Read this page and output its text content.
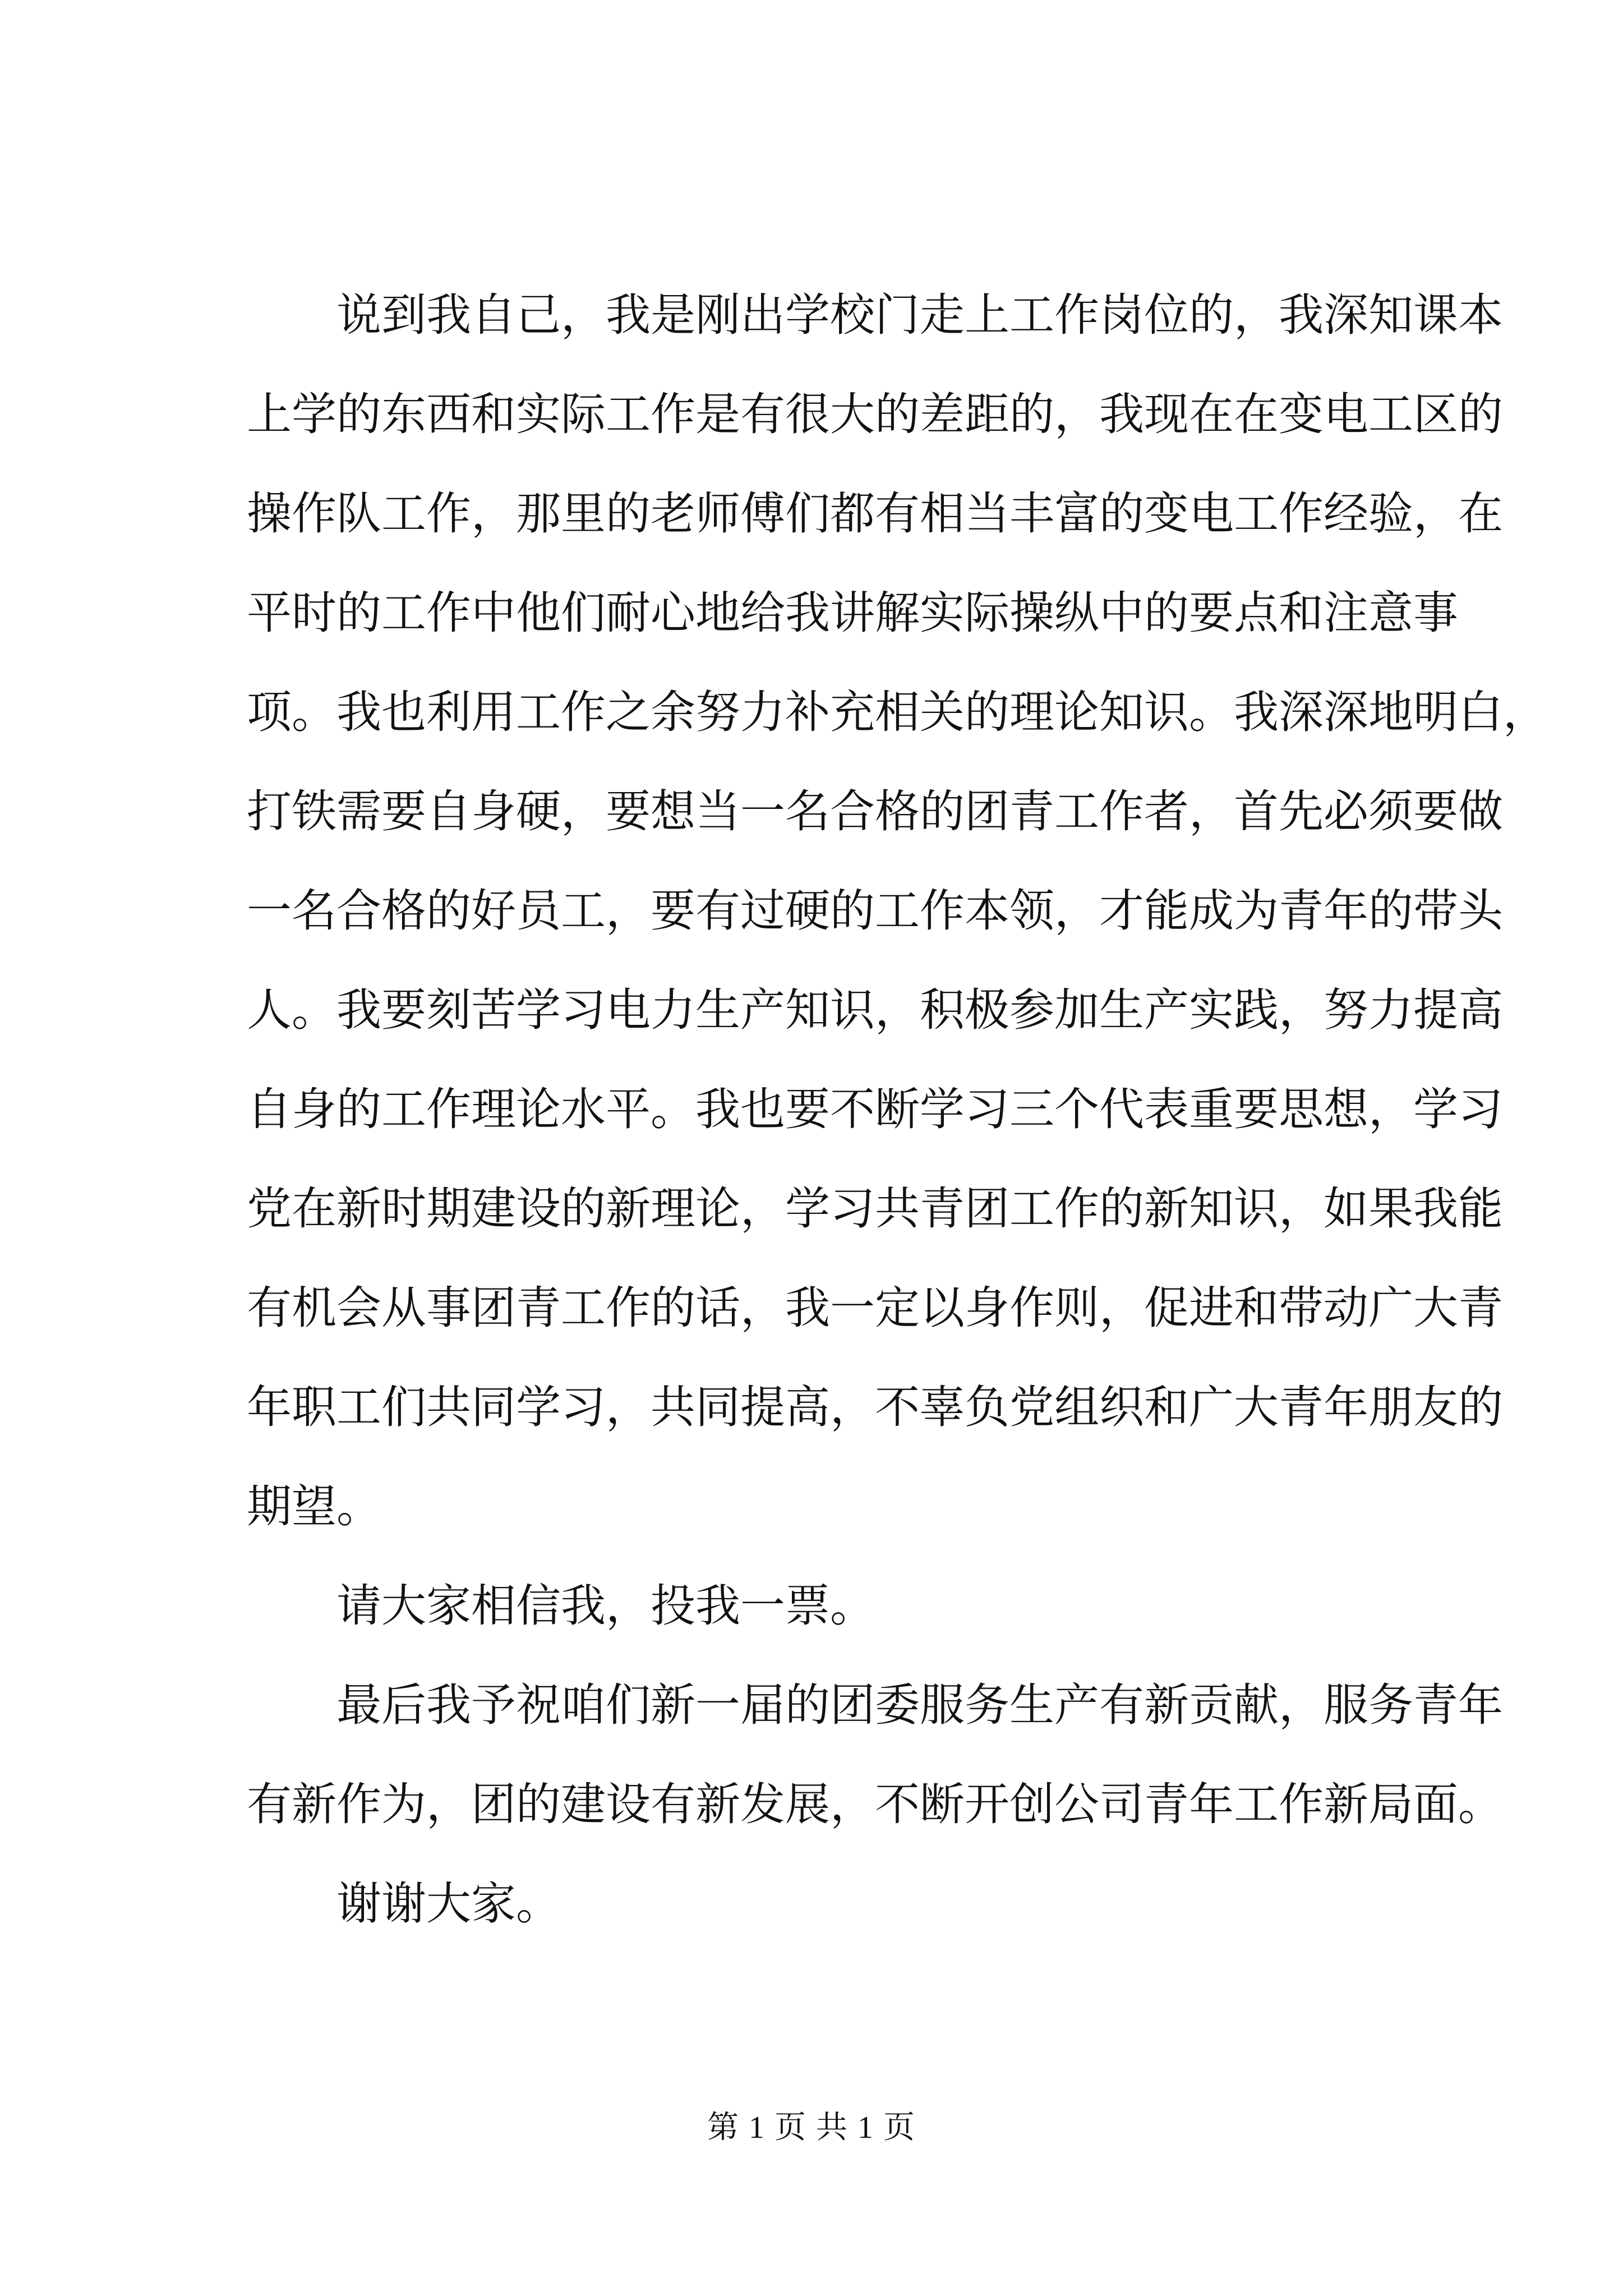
说到我自己，我是刚出学校门走上工作岗位的，我深知课本
上学的东西和实际工作是有很大的差距的，我现在在变电工区的
操作队工作，那里的老师傅们都有相当丰富的变电工作经验，在
平时的工作中他们耐心地给我讲解实际操纵中的要点和注意事
项。我也利用工作之余努力补充相关的理论知识。我深深地明白，
打铁需要自身硬，要想当一名合格的团青工作者，首先必须要做
一名合格的好员工，要有过硬的工作本领，才能成为青年的带头
人。我要刻苦学习电力生产知识，积极参加生产实践，努力提高
自身的工作理论水平。我也要不断学习三个代表重要思想，学习
党在新时期建设的新理论，学习共青团工作的新知识，如果我能
有机会从事团青工作的话，我一定以身作则，促进和带动广大青
年职工们共同学习，共同提高，不辜负党组织和广大青年朋友的
期望。
请大家相信我，投我一票。
最后我予祝咱们新一届的团委服务生产有新贡献，服务青年
有新作为，团的建设有新发展，不断开创公司青年工作新局面。
谢谢大家。
第 1 页 共 1 页
